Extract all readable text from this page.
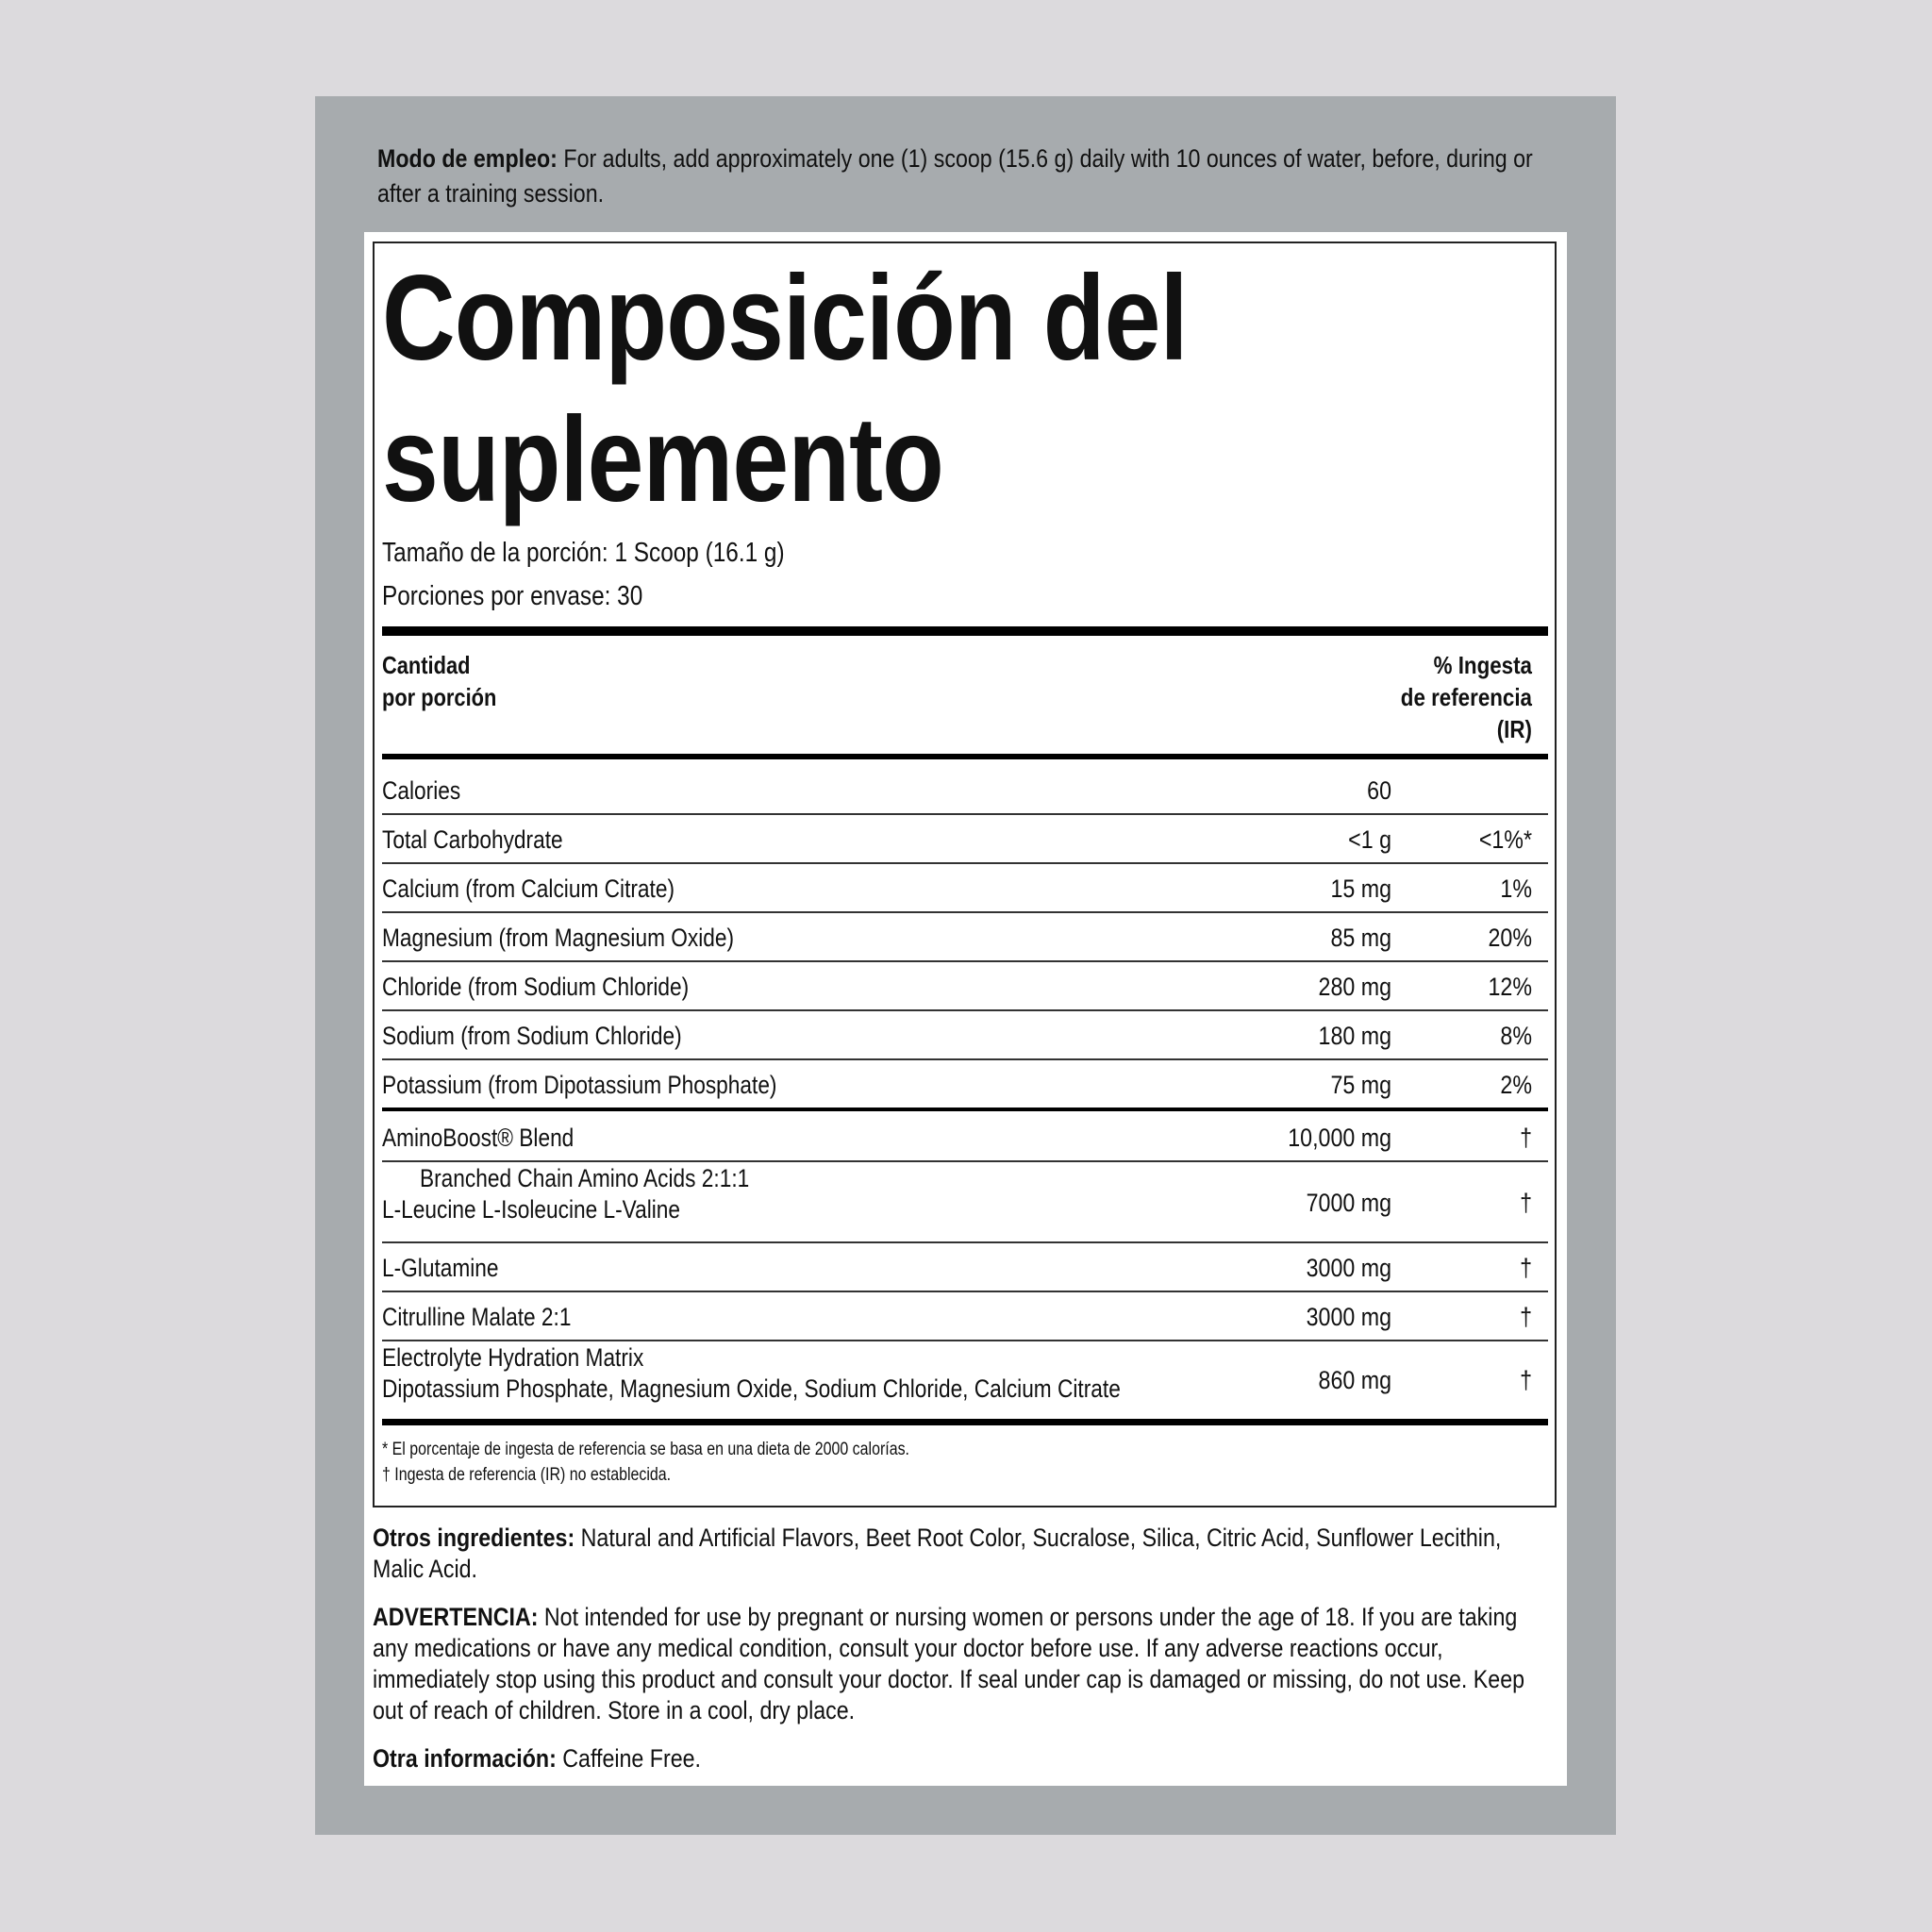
Modo de empleo: For adults, add approximately one (1) scoop (15.6 g) daily with 10 ounces of water, before, during or after a training session.
Composición del
suplemento
Tamaño de la porción: 1 Scoop (16.1 g)
Porciones por envase: 30
Cantidad
por porción
% Ingesta
de referencia
(IR)
Calories	60
Total Carbohydrate	<1 g	<1%*
Calcium (from Calcium Citrate)	15 mg	1%
Magnesium (from Magnesium Oxide)	85 mg	20%
Chloride (from Sodium Chloride)	280 mg	12%
Sodium (from Sodium Chloride)	180 mg	8%
Potassium (from Dipotassium Phosphate)	75 mg	2%
AminoBoost® Blend	10,000 mg	†
Branched Chain Amino Acids 2:1:1
L-Leucine L-Isoleucine L-Valine	7000 mg	†
L-Glutamine	3000 mg	†
Citrulline Malate 2:1	3000 mg	†
Electrolyte Hydration Matrix
Dipotassium Phosphate, Magnesium Oxide, Sodium Chloride, Calcium Citrate	860 mg	†
* El porcentaje de ingesta de referencia se basa en una dieta de 2000 calorías.
† Ingesta de referencia (IR) no establecida.
Otros ingredientes: Natural and Artificial Flavors, Beet Root Color, Sucralose, Silica, Citric Acid, Sunflower Lecithin, Malic Acid.
ADVERTENCIA: Not intended for use by pregnant or nursing women or persons under the age of 18. If you are taking any medications or have any medical condition, consult your doctor before use. If any adverse reactions occur, immediately stop using this product and consult your doctor. If seal under cap is damaged or missing, do not use. Keep out of reach of children. Store in a cool, dry place.
Otra información: Caffeine Free.
